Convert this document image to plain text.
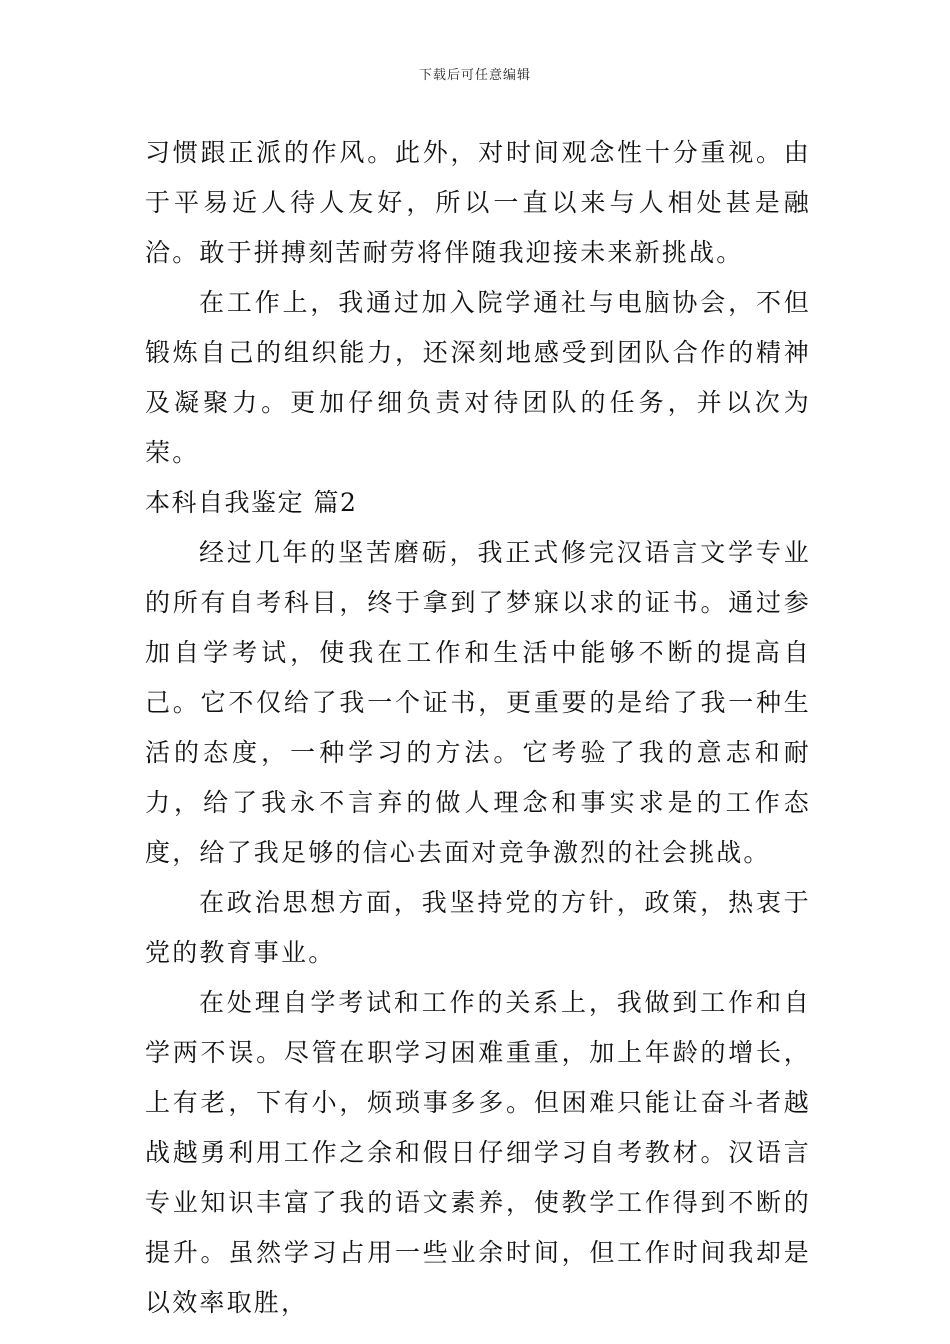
下载后可任意编辑

习惯跟正派的作风。此外，对时间观念性十分重视。由于平易近人待人友好，所以一直以来与人相处甚是融洽。敢于拼搏刻苦耐劳将伴随我迎接未来新挑战。

在工作上，我通过加入院学通社与电脑协会，不但锻炼自己的组织能力，还深刻地感受到团队合作的精神及凝聚力。更加仔细负责对待团队的任务，并以次为荣。

本科自我鉴定 篇2

经过几年的坚苦磨砺，我正式修完汉语言文学专业的所有自考科目，终于拿到了梦寐以求的证书。通过参加自学考试，使我在工作和生活中能够不断的提高自己。它不仅给了我一个证书，更重要的是给了我一种生活的态度，一种学习的方法。它考验了我的意志和耐力，给了我永不言弃的做人理念和事实求是的工作态度，给了我足够的信心去面对竞争激烈的社会挑战。

在政治思想方面，我坚持党的方针，政策，热衷于党的教育事业。

在处理自学考试和工作的关系上，我做到工作和自学两不误。尽管在职学习困难重重，加上年龄的增长，上有老，下有小，烦琐事多多。但困难只能让奋斗者越战越勇利用工作之余和假日仔细学习自考教材。汉语言专业知识丰富了我的语文素养，使教学工作得到不断的提升。虽然学习占用一些业余时间，但工作时间我却是以效率取胜，
